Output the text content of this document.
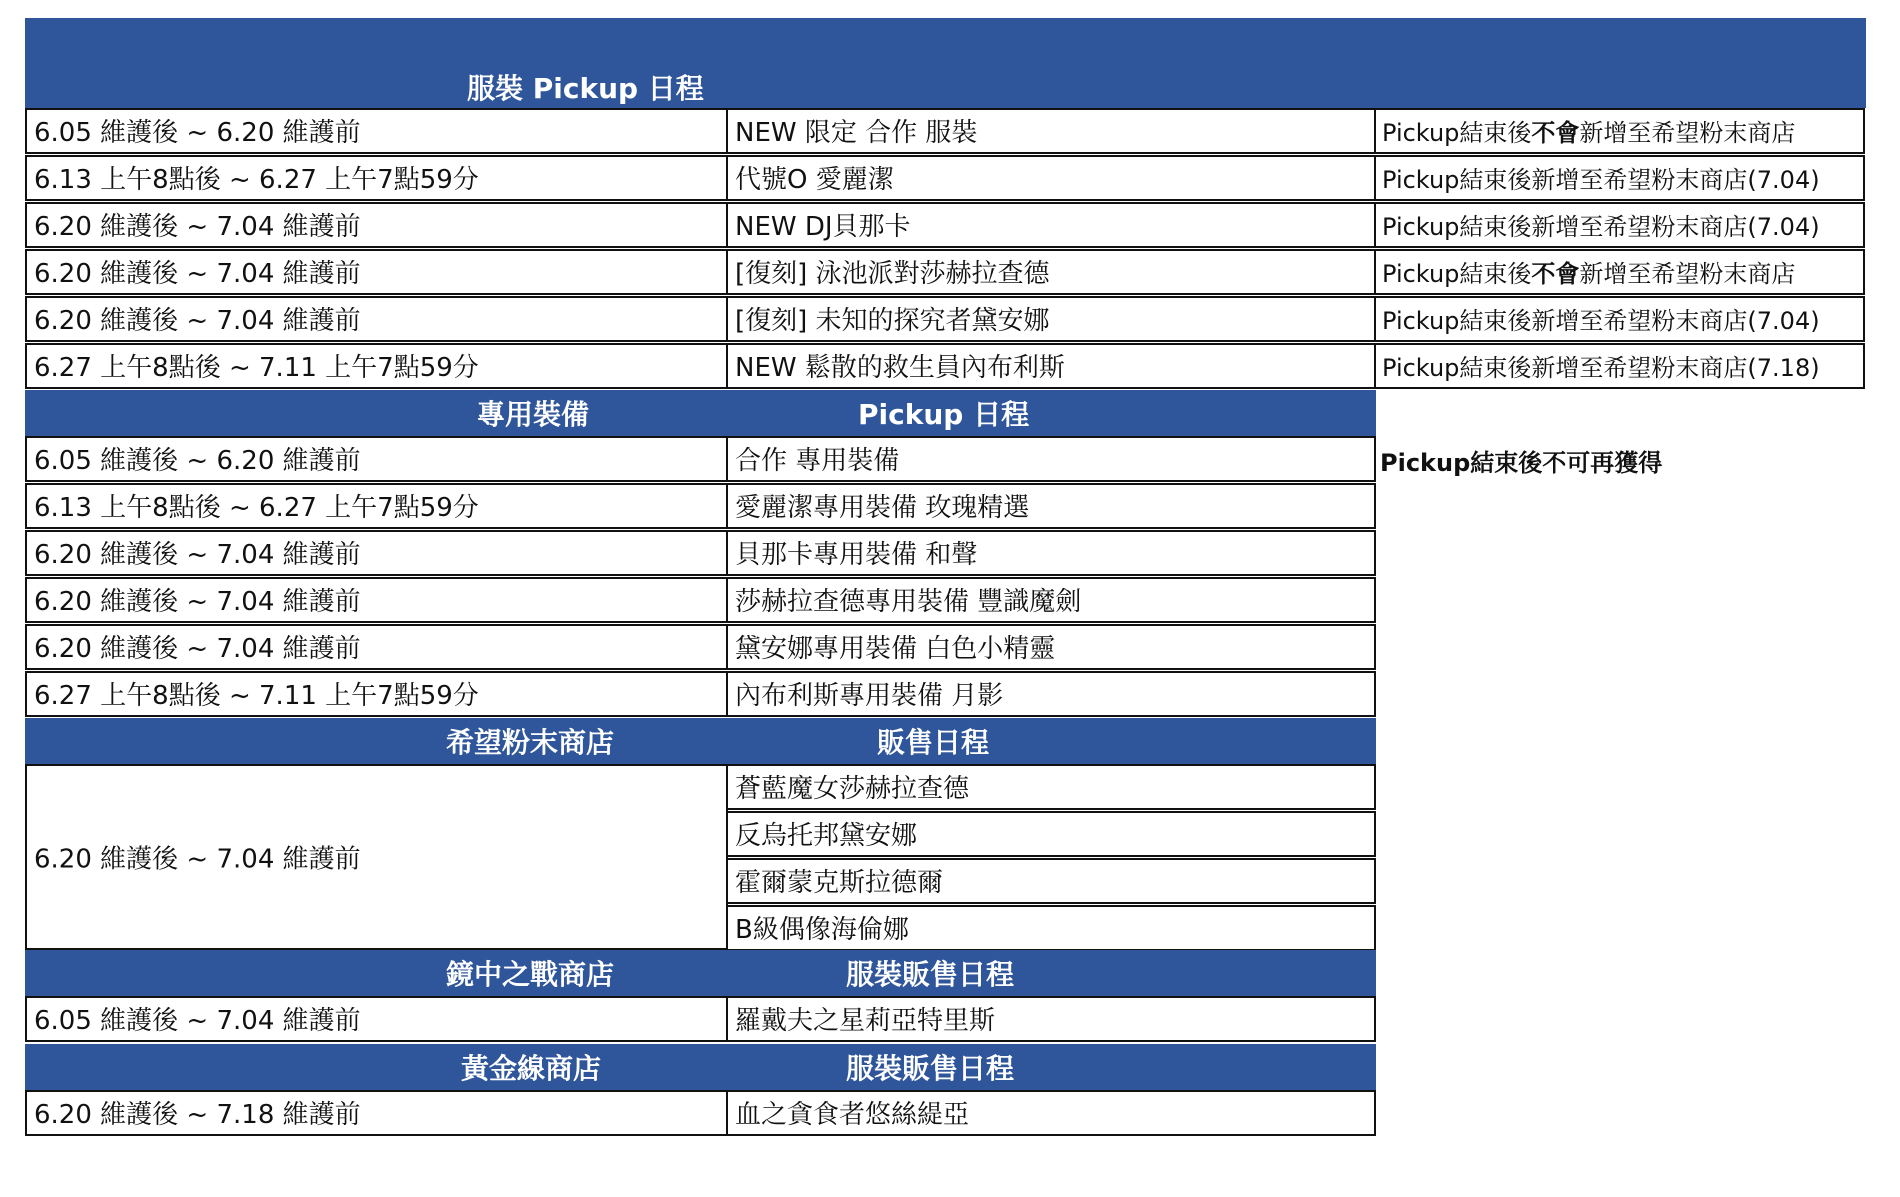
服裝 Pickup 日程
6.05 維護後 ~ 6.20 維護前	NEW 限定 合作 服裝	Pickup結束後不會新增至希望粉末商店
6.13 上午8點後 ~ 6.27 上午7點59分	代號O 愛麗潔	Pickup結束後新增至希望粉末商店(7.04)
6.20 維護後 ~ 7.04 維護前	NEW DJ貝那卡	Pickup結束後新增至希望粉末商店(7.04)
6.20 維護後 ~ 7.04 維護前	[復刻] 泳池派對莎赫拉查德	Pickup結束後不會新增至希望粉末商店
6.20 維護後 ~ 7.04 維護前	[復刻] 未知的探究者黛安娜	Pickup結束後新增至希望粉末商店(7.04)
6.27 上午8點後 ~ 7.11 上午7點59分	NEW 鬆散的救生員內布利斯	Pickup結束後新增至希望粉末商店(7.18)
專用裝備	Pickup 日程
Pickup結束後不可再獲得
6.05 維護後 ~ 6.20 維護前	合作 專用裝備
6.13 上午8點後 ~ 6.27 上午7點59分	愛麗潔專用裝備 玫瑰精選
6.20 維護後 ~ 7.04 維護前	貝那卡專用裝備 和聲
6.20 維護後 ~ 7.04 維護前	莎赫拉查德專用裝備 豐識魔劍
6.20 維護後 ~ 7.04 維護前	黛安娜專用裝備 白色小精靈
6.27 上午8點後 ~ 7.11 上午7點59分	內布利斯專用裝備 月影
希望粉末商店	販售日程
6.20 維護後 ~ 7.04 維護前
蒼藍魔女莎赫拉查德
反烏托邦黛安娜
霍爾蒙克斯拉德爾
B級偶像海倫娜
鏡中之戰商店	服裝販售日程
6.05 維護後 ~ 7.04 維護前	羅戴夫之星莉亞特里斯
黃金線商店	服裝販售日程
6.20 維護後 ~ 7.18 維護前	血之貪食者悠絲緹亞
